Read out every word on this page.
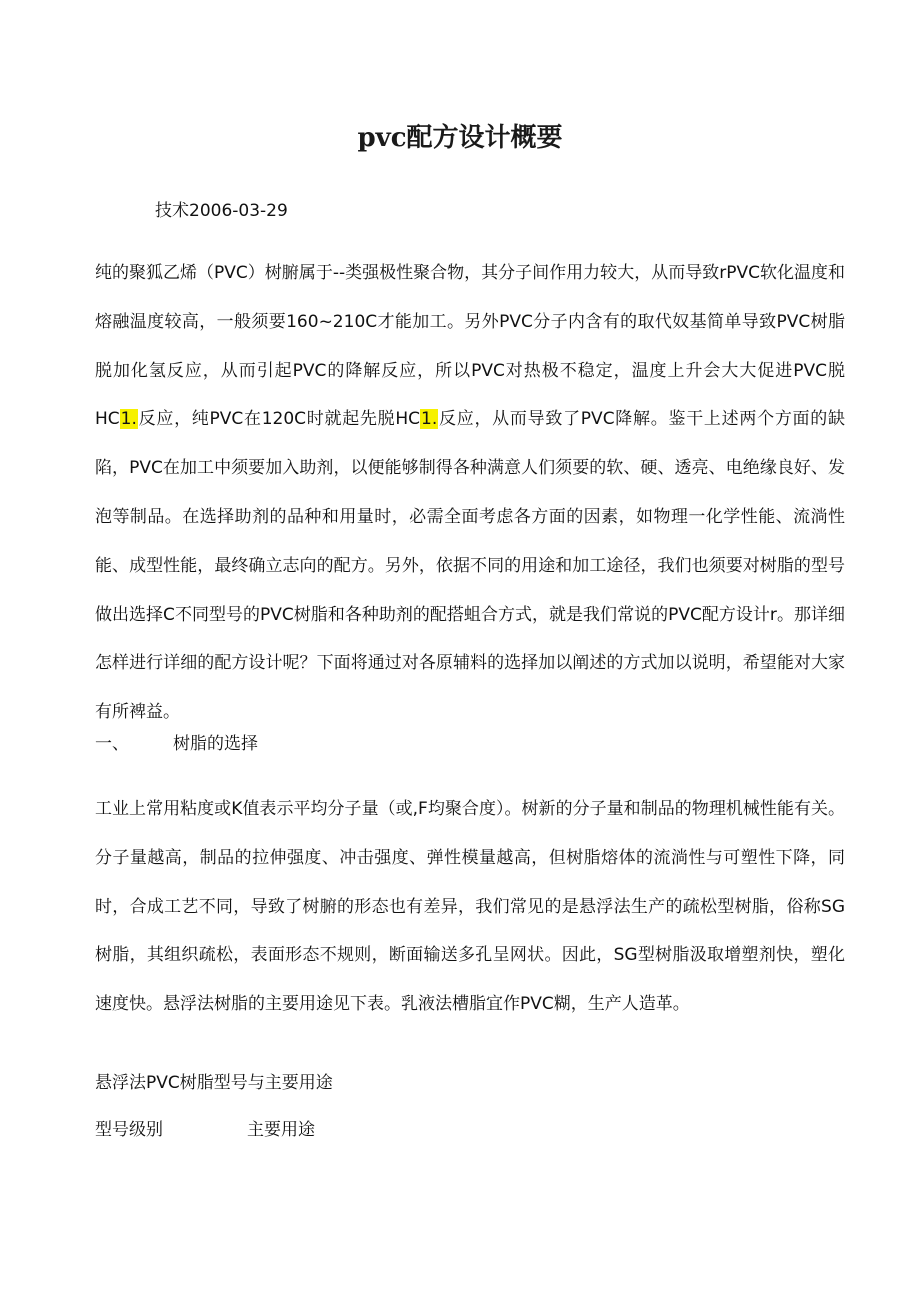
pvc配方设计概要
技术2006-03-29

纯的聚狐乙烯（PVC）树腑属于--类强极性聚合物，其分子间作用力较大，从而导致rPVC软化温度和熔融温度较高，一般须要160~210C才能加工。另外PVC分子内含有的取代奴基简单导致PVC树脂脱加化氢反应，从而引起PVC的降解反应，所以PVC对热极不稳定，温度上升会大大促进PVC脱HC1.反应，纯PVC在120C时就起先脱HC1.反应，从而导致了PVC降解。鉴干上述两个方面的缺陷，PVC在加工中须要加入助剂，以便能够制得各种满意人们须要的软、硬、透亮、电绝缘良好、发泡等制品。在选择助剂的品种和用量时，必需全面考虑各方面的因素，如物理一化学性能、流淌性能、成型性能，最终确立志向的配方。另外，依据不同的用途和加工途径，我们也须要对树脂的型号做出选择C不同型号的PVC树脂和各种助剂的配搭蛆合方式，就是我们常说的PVC配方设计r。那详细怎样进行详细的配方设计呢？下面将通过对各原辅料的选择加以阐述的方式加以说明，希望能对大家有所裨益。

一、	树脂的选择

工业上常用粘度或K值表示平均分子量（或,F均聚合度）。树新的分子量和制品的物理机械性能有关。分子量越高，制品的拉伸强度、冲击强度、弹性模量越高，但树脂熔体的流淌性与可塑性下降，同时，合成工艺不同，导致了树腑的形态也有差异，我们常见的是悬浮法生产的疏松型树脂，俗称SG树脂，其组织疏松，表面形态不规则，断面输送多孔呈网状。因此，SG型树脂汲取增塑剂快，塑化速度快。悬浮法树脂的主要用途见下表。乳液法槽脂宜作PVC糊，生产人造革。

悬浮法PVC树脂型号与主要用途
型号级别	主要用途
